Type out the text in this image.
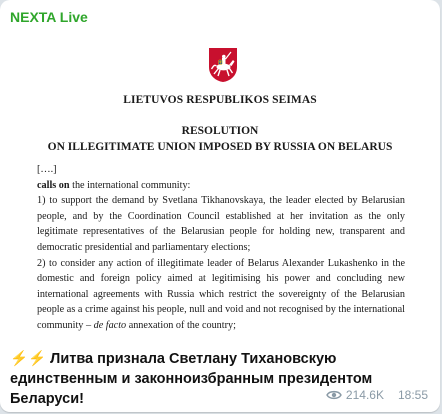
NEXTA Live
LIETUVOS RESPUBLIKOS SEIMAS
RESOLUTION
ON ILLEGITIMATE UNION IMPOSED BY RUSSIA ON BELARUS

[….]

calls on the international community:

1) to support the demand by Svetlana Tikhanovskaya, the leader elected by Belarusian people, and by the Coordination Council established at her invitation as the only legitimate representatives of the Belarusian people for holding new, transparent and democratic presidential and parliamentary elections;

2) to consider any action of illegitimate leader of Belarus Alexander Lukashenko in the domestic and foreign policy aimed at legitimising his power and concluding new international agreements with Russia which restrict the sovereignty of the Belarusian people as a crime against his people, null and void and not recognised by the international community – de facto annexation of the country;

⚡⚡ Литва признала Светлану Тихановскую единственным и законноизбранным президентом Беларуси!	214.6K 18:55
